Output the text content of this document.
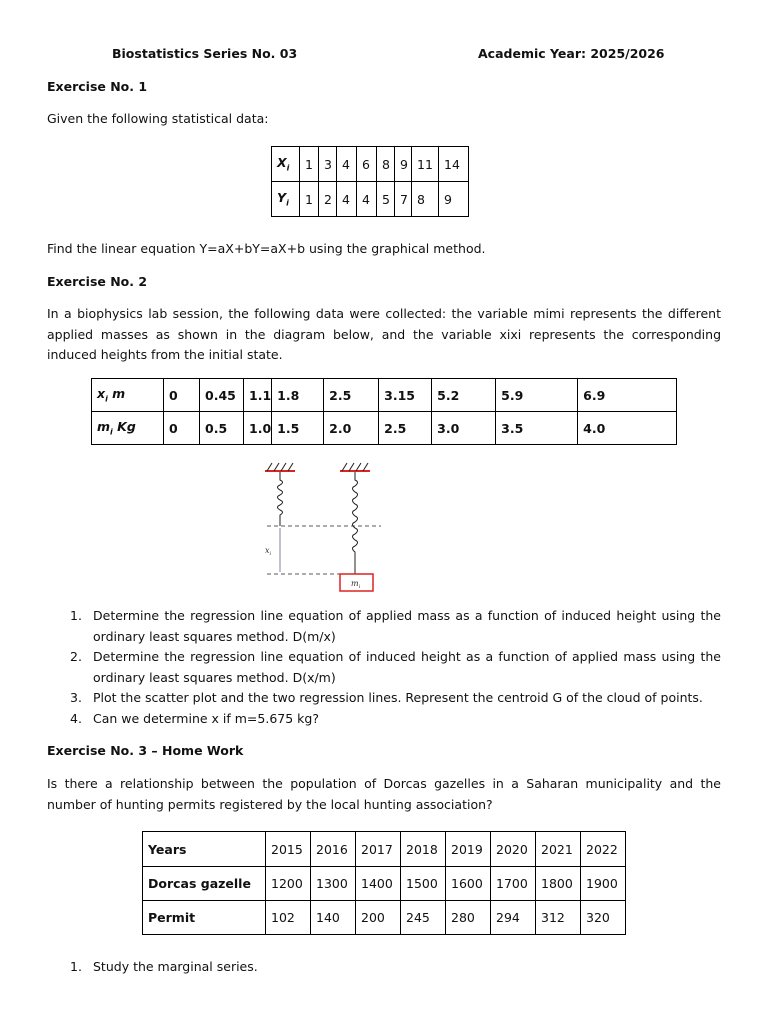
Biostatistics Series No. 03	Academic Year: 2025/2026
Exercise No. 1
Given the following statistical data:
$X_i$	1	3	4	6	8	9	11	14
$Y_i$	1	2	4	4	5	7	8	9
Find the linear equation Y=aX+bY=aX+b using the graphical method.
Exercise No. 2

In a biophysics lab session, the following data were collected: the variable mimi represents the different applied masses as shown in the diagram below, and the variable xixi represents the corresponding induced heights from the initial state.

$x_i$ m	0	0.45	1.1	1.8	2.5	3.15	5.2	5.9	6.9
$m_i$ Kg	0	0.5	1.0	1.5	2.0	2.5	3.0	3.5	4.0
$x_i$
$m_i$
1. Determine the regression line equation of applied mass as a function of induced height using the ordinary least squares method. D(m/x)
2. Determine the regression line equation of induced height as a function of applied mass using the ordinary least squares method. D(x/m)
3. Plot the scatter plot and the two regression lines. Represent the centroid G of the cloud of points.
4. Can we determine x if m=5.675 kg?
Exercise No. 3 – Home Work

Is there a relationship between the population of Dorcas gazelles in a Saharan municipality and the number of hunting permits registered by the local hunting association?

Years	2015	2016	2017	2018	2019	2020	2021	2022
Dorcas gazelle	1200	1300	1400	1500	1600	1700	1800	1900
Permit	102	140	200	245	280	294	312	320
1. Study the marginal series.
